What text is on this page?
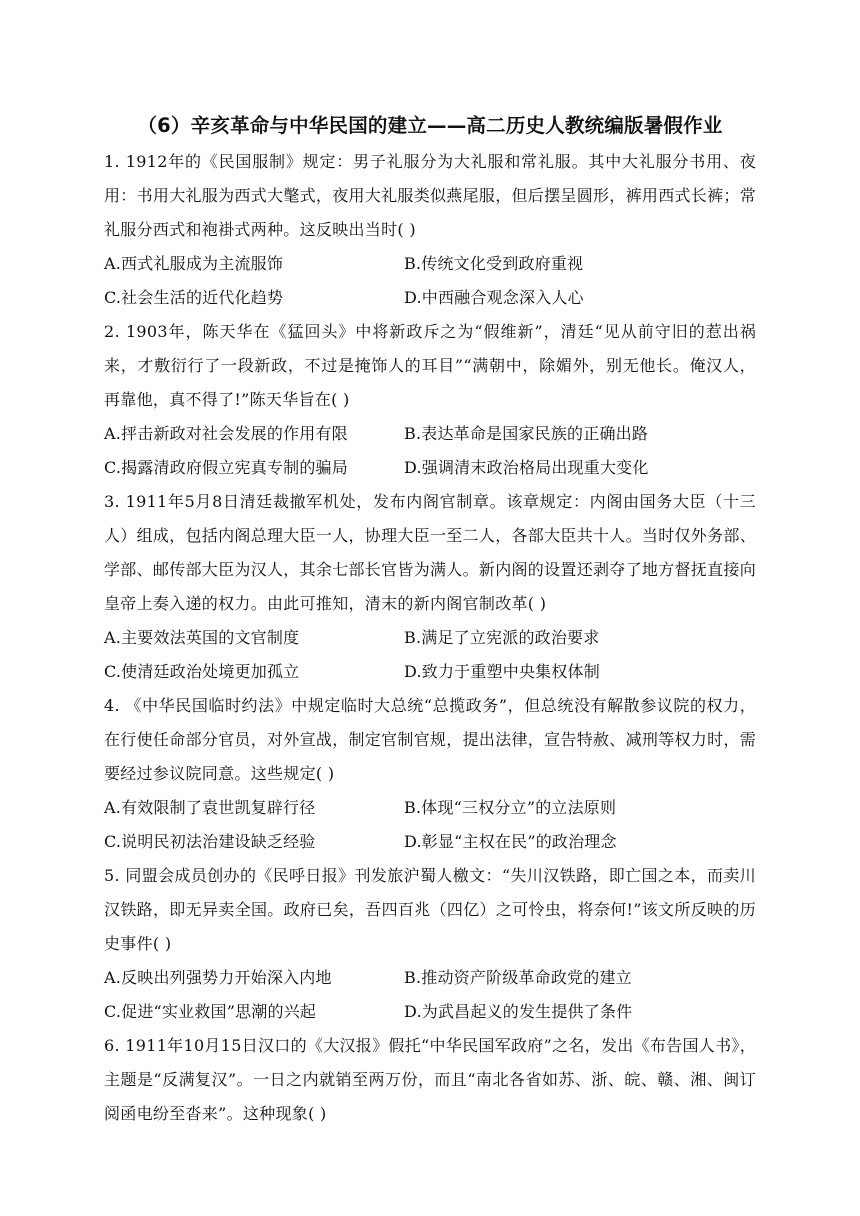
（6）辛亥革命与中华民国的建立——高二历史人教统编版暑假作业
1. 1912年的《民国服制》规定：男子礼服分为大礼服和常礼服。其中大礼服分书用、夜用：书用大礼服为西式大氅式，夜用大礼服类似燕尾服，但后摆呈圆形，裤用西式长裤；常礼服分西式和袍褂式两种。这反映出当时( )
A.西式礼服成为主流服饰	B.传统文化受到政府重视
C.社会生活的近代化趋势	D.中西融合观念深入人心
2. 1903年，陈天华在《猛回头》中将新政斥之为“假维新”，清廷“见从前守旧的惹出祸来，才敷衍行了一段新政，不过是掩饰人的耳目”“满朝中，除媚外，别无他长。俺汉人，再靠他，真不得了!”陈天华旨在( )
A.抨击新政对社会发展的作用有限	B.表达革命是国家民族的正确出路
C.揭露清政府假立宪真专制的骗局	D.强调清末政治格局出现重大变化
3. 1911年5月8日清廷裁撤军机处，发布内阁官制章。该章规定：内阁由国务大臣（十三人）组成，包括内阁总理大臣一人，协理大臣一至二人，各部大臣共十人。当时仅外务部、学部、邮传部大臣为汉人，其余七部长官皆为满人。新内阁的设置还剥夺了地方督抚直接向皇帝上奏入递的权力。由此可推知，清末的新内阁官制改革( )
A.主要效法英国的文官制度	B.满足了立宪派的政治要求
C.使清廷政治处境更加孤立	D.致力于重塑中央集权体制
4. 《中华民国临时约法》中规定临时大总统“总揽政务”，但总统没有解散参议院的权力，在行使任命部分官员，对外宣战，制定官制官规，提出法律，宣告特赦、减刑等权力时，需要经过参议院同意。这些规定( )
A.有效限制了袁世凯复辟行径	B.体现“三权分立”的立法原则
C.说明民初法治建设缺乏经验	D.彰显“主权在民”的政治理念
5. 同盟会成员创办的《民呼日报》刊发旅沪蜀人檄文：“失川汉铁路，即亡国之本，而卖川汉铁路，即无异卖全国。政府已矣，吾四百兆（四亿）之可怜虫，将奈何!”该文所反映的历史事件( )
A.反映出列强势力开始深入内地	B.推动资产阶级革命政党的建立
C.促进“实业救国”思潮的兴起	D.为武昌起义的发生提供了条件
6. 1911年10月15日汉口的《大汉报》假托“中华民国军政府”之名，发出《布告国人书》，主题是“反满复汉”。一日之内就销至两万份，而且“南北各省如苏、浙、皖、赣、湘、闽订阅函电纷至沓来”。这种现象( )
